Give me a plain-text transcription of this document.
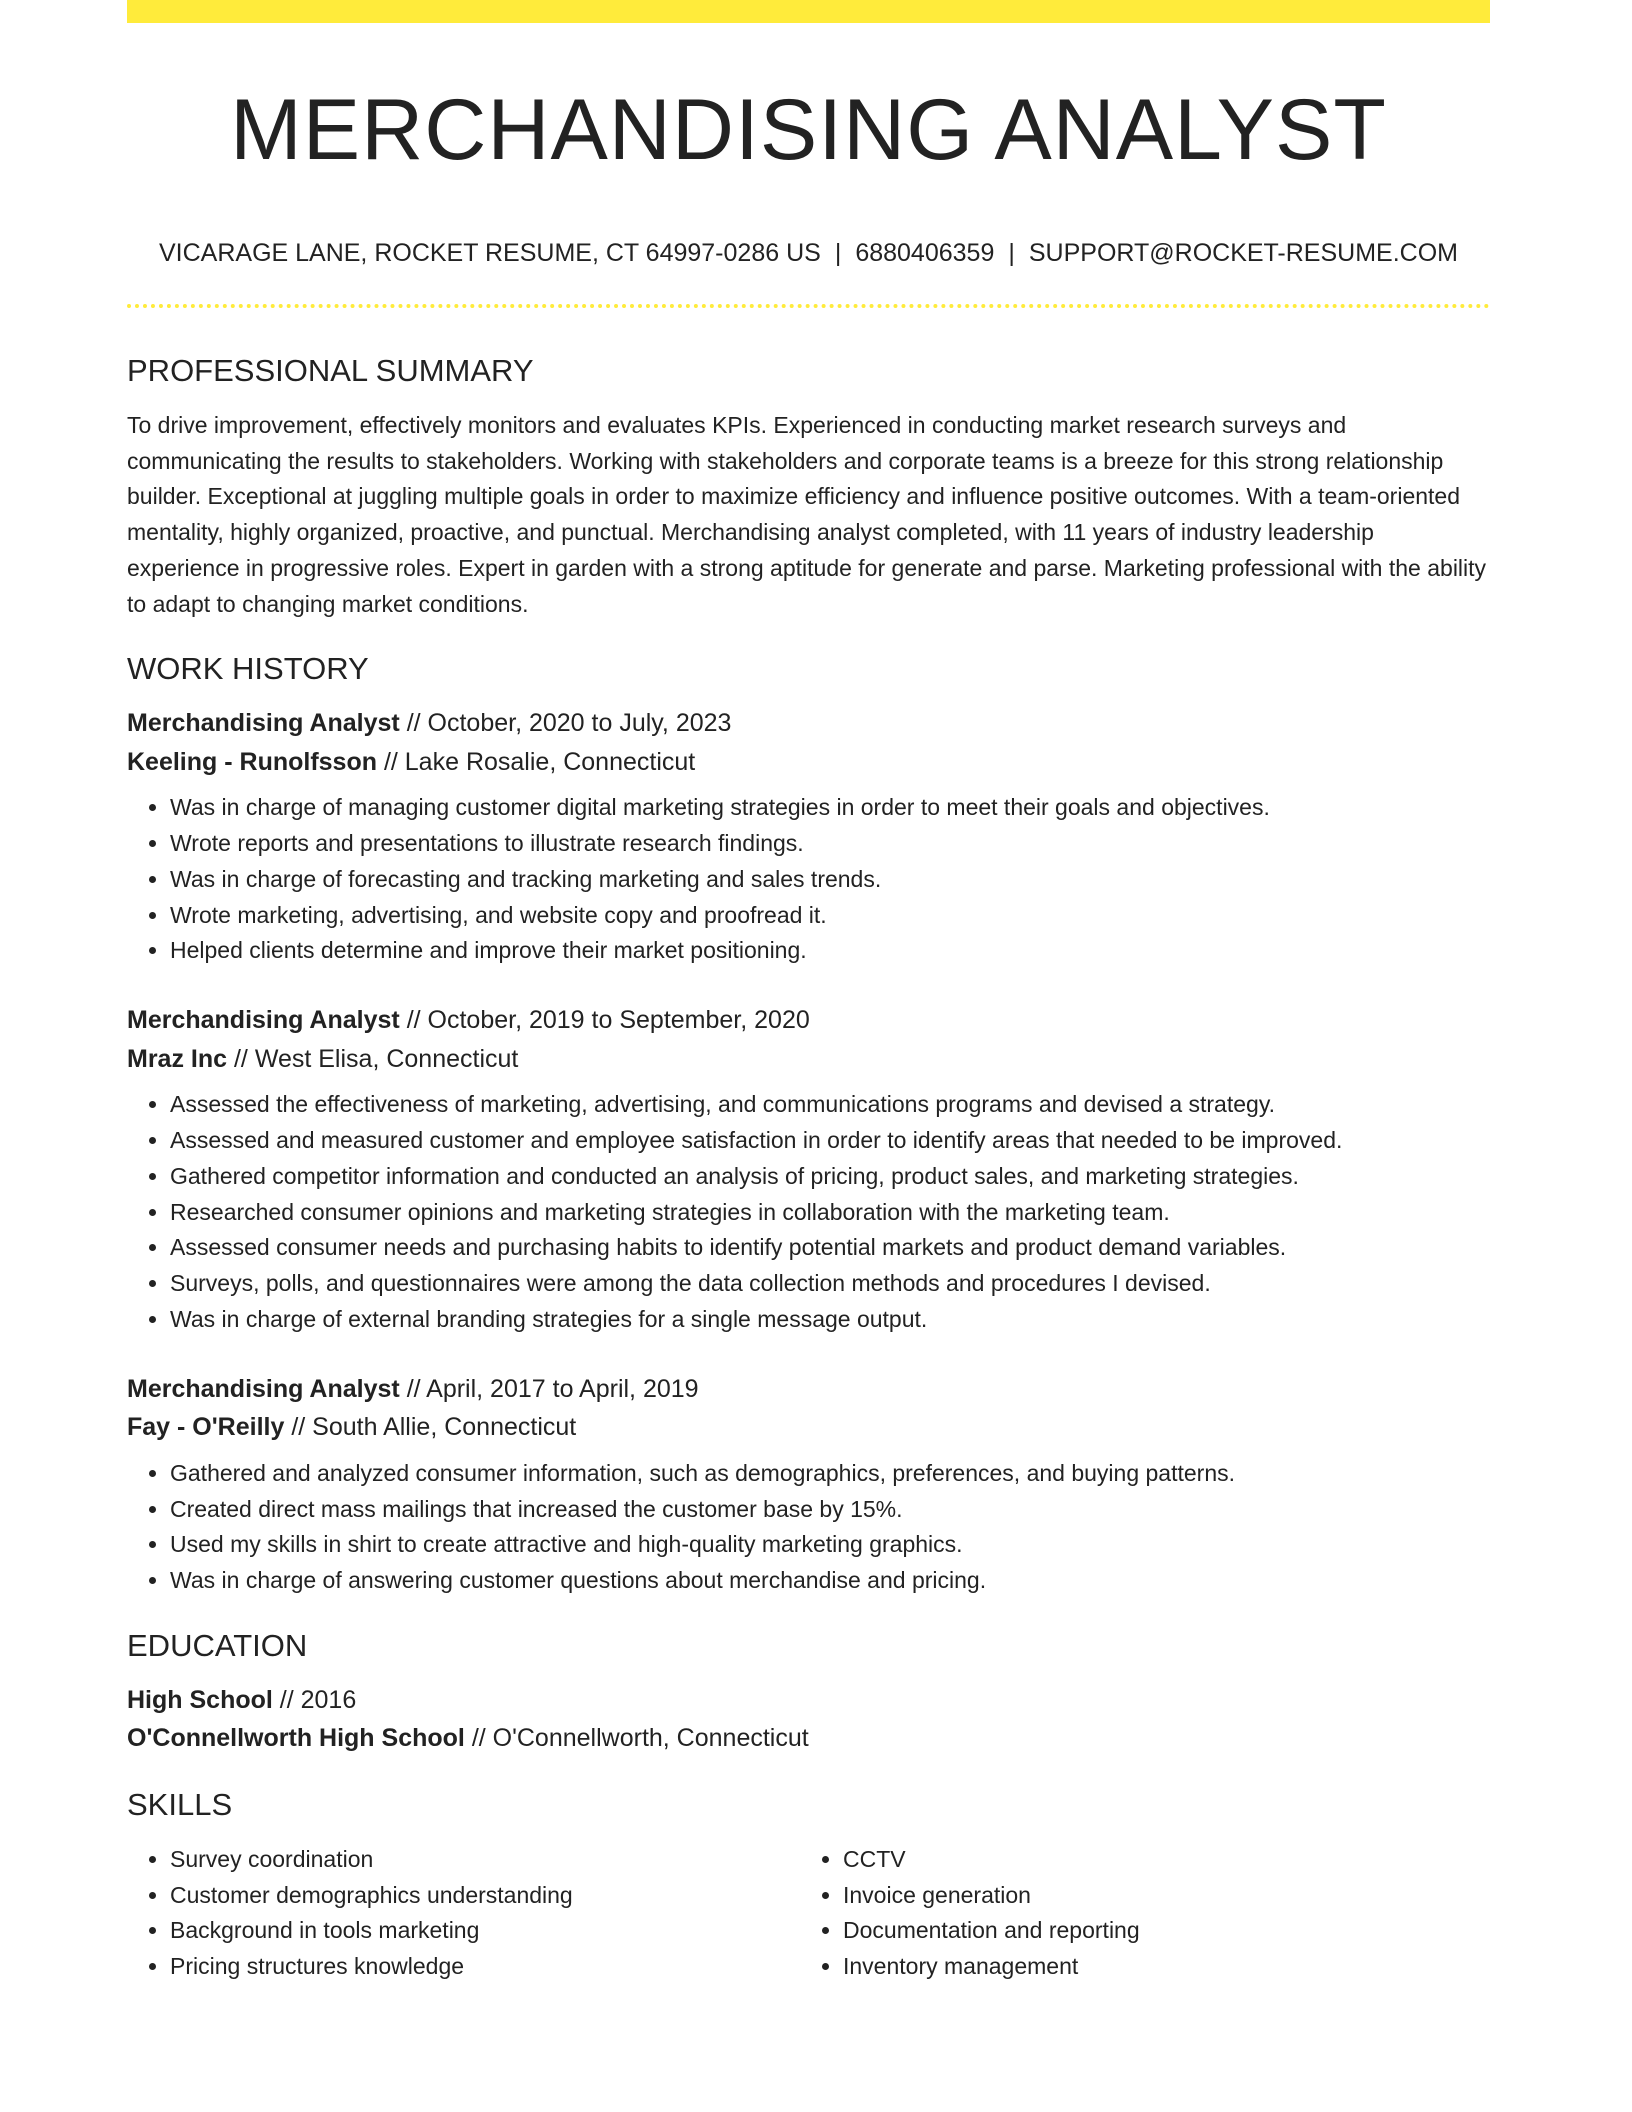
MERCHANDISING ANALYST
VICARAGE LANE, ROCKET RESUME, CT 64997-0286 US | 6880406359 | SUPPORT@ROCKET-RESUME.COM
PROFESSIONAL SUMMARY

To drive improvement, effectively monitors and evaluates KPIs. Experienced in conducting market research surveys and communicating the results to stakeholders. Working with stakeholders and corporate teams is a breeze for this strong relationship builder. Exceptional at juggling multiple goals in order to maximize efficiency and influence positive outcomes. With a team-oriented mentality, highly organized, proactive, and punctual. Merchandising analyst completed, with 11 years of industry leadership experience in progressive roles. Expert in garden with a strong aptitude for generate and parse. Marketing professional with the ability to adapt to changing market conditions.

WORK HISTORY
Merchandising Analyst // October, 2020 to July, 2023
Keeling - Runolfsson // Lake Rosalie, Connecticut
• Was in charge of managing customer digital marketing strategies in order to meet their goals and objectives.
• Wrote reports and presentations to illustrate research findings.
• Was in charge of forecasting and tracking marketing and sales trends.
• Wrote marketing, advertising, and website copy and proofread it.
• Helped clients determine and improve their market positioning.
Merchandising Analyst // October, 2019 to September, 2020
Mraz Inc // West Elisa, Connecticut
• Assessed the effectiveness of marketing, advertising, and communications programs and devised a strategy.
• Assessed and measured customer and employee satisfaction in order to identify areas that needed to be improved.
• Gathered competitor information and conducted an analysis of pricing, product sales, and marketing strategies.
• Researched consumer opinions and marketing strategies in collaboration with the marketing team.
• Assessed consumer needs and purchasing habits to identify potential markets and product demand variables.
• Surveys, polls, and questionnaires were among the data collection methods and procedures I devised.
• Was in charge of external branding strategies for a single message output.
Merchandising Analyst // April, 2017 to April, 2019
Fay - O'Reilly // South Allie, Connecticut
• Gathered and analyzed consumer information, such as demographics, preferences, and buying patterns.
• Created direct mass mailings that increased the customer base by 15%.
• Used my skills in shirt to create attractive and high-quality marketing graphics.
• Was in charge of answering customer questions about merchandise and pricing.
EDUCATION
High School // 2016
O'Connellworth High School // O'Connellworth, Connecticut
SKILLS
• Survey coordination
• Customer demographics understanding
• Background in tools marketing
• Pricing structures knowledge
• CCTV
• Invoice generation
• Documentation and reporting
• Inventory management
